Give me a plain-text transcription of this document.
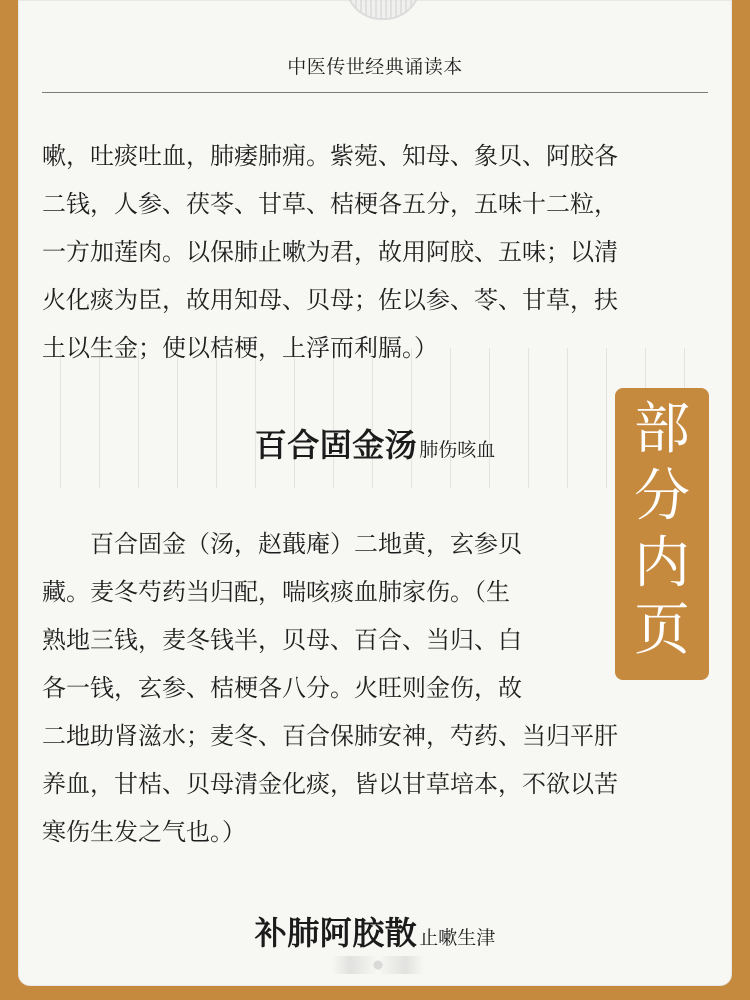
中医传世经典诵读本
嗽，吐痰吐血，肺痿肺痈。紫菀、知母、象贝、阿胶各
二钱，人参、茯苓、甘草、桔梗各五分，五味十二粒，
一方加莲肉。以保肺止嗽为君，故用阿胶、五味；以清
火化痰为臣，故用知母、贝母；佐以参、苓、甘草，扶
土以生金；使以桔梗，上浮而利膈。）
百合固金汤 肺伤咳血
百合固金（汤，赵蕺庵）二地黄，玄参贝
藏。麦冬芍药当归配，喘咳痰血肺家伤。（生
熟地三钱，麦冬钱半，贝母、百合、当归、白
各一钱，玄参、桔梗各八分。火旺则金伤，故
二地助肾滋水；麦冬、百合保肺安神，芍药、当归平肝
养血，甘桔、贝母清金化痰，皆以甘草培本，不欲以苦
寒伤生发之气也。）
补肺阿胶散 止嗽生津
部
分
内
页
